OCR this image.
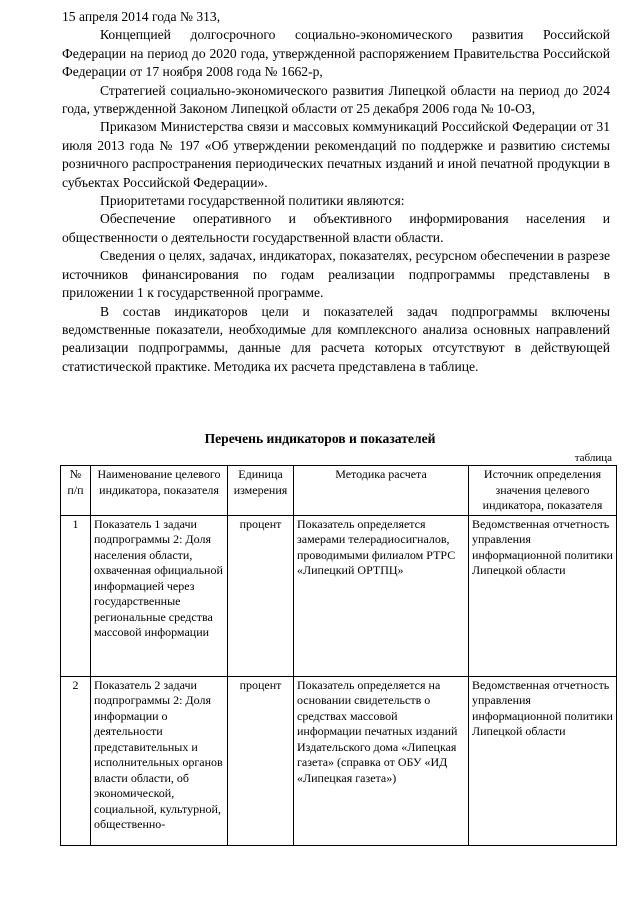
15 апреля 2014 года № 313,

Концепцией долгосрочного социально-экономического развития Российской Федерации на период до 2020 года, утвержденной распоряжением Правительства Российской Федерации от 17 ноября 2008 года № 1662-р,

Стратегией социально-экономического развития Липецкой области на период до 2024 года, утвержденной Законом Липецкой области от 25 декабря 2006 года № 10-ОЗ,

Приказом Министерства связи и массовых коммуникаций Российской Федерации от 31 июля 2013 года № 197 «Об утверждении рекомендаций по поддержке и развитию системы розничного распространения периодических печатных изданий и иной печатной продукции в субъектах Российской Федерации».

Приоритетами государственной политики являются:

Обеспечение оперативного и объективного информирования населения и общественности о деятельности государственной власти области.

Сведения о целях, задачах, индикаторах, показателях, ресурсном обеспечении в разрезе источников финансирования по годам реализации подпрограммы представлены в приложении 1 к государственной программе.

В состав индикаторов цели и показателей задач подпрограммы включены ведомственные показатели, необходимые для комплексного анализа основных направлений реализации подпрограммы, данные для расчета которых отсутствуют в действующей статистической практике. Методика их расчета представлена в таблице.

Перечень индикаторов и показателей
таблица
№ п/п	Наименование целевого индикатора, показателя	Единица измерения	Методика расчета	Источник определения значения целевого индикатора, показателя
1	Показатель 1 задачи подпрограммы 2: Доля населения области, охваченная официальной информацией через государственные региональные средства массовой информации	процент	Показатель определяется замерами телерадиосигналов, проводимыми филиалом РТРС «Липецкий ОРТПЦ»	Ведомственная отчетность управления информационной политики Липецкой области
2	Показатель 2 задачи подпрограммы 2: Доля информации о деятельности представительных и исполнительных органов власти области, об экономической, социальной, культурной, общественно-	процент	Показатель определяется на основании свидетельств о средствах массовой информации печатных изданий Издательского дома «Липецкая газета» (справка от ОБУ «ИД «Липецкая газета»)	Ведомственная отчетность управления информационной политики Липецкой области
